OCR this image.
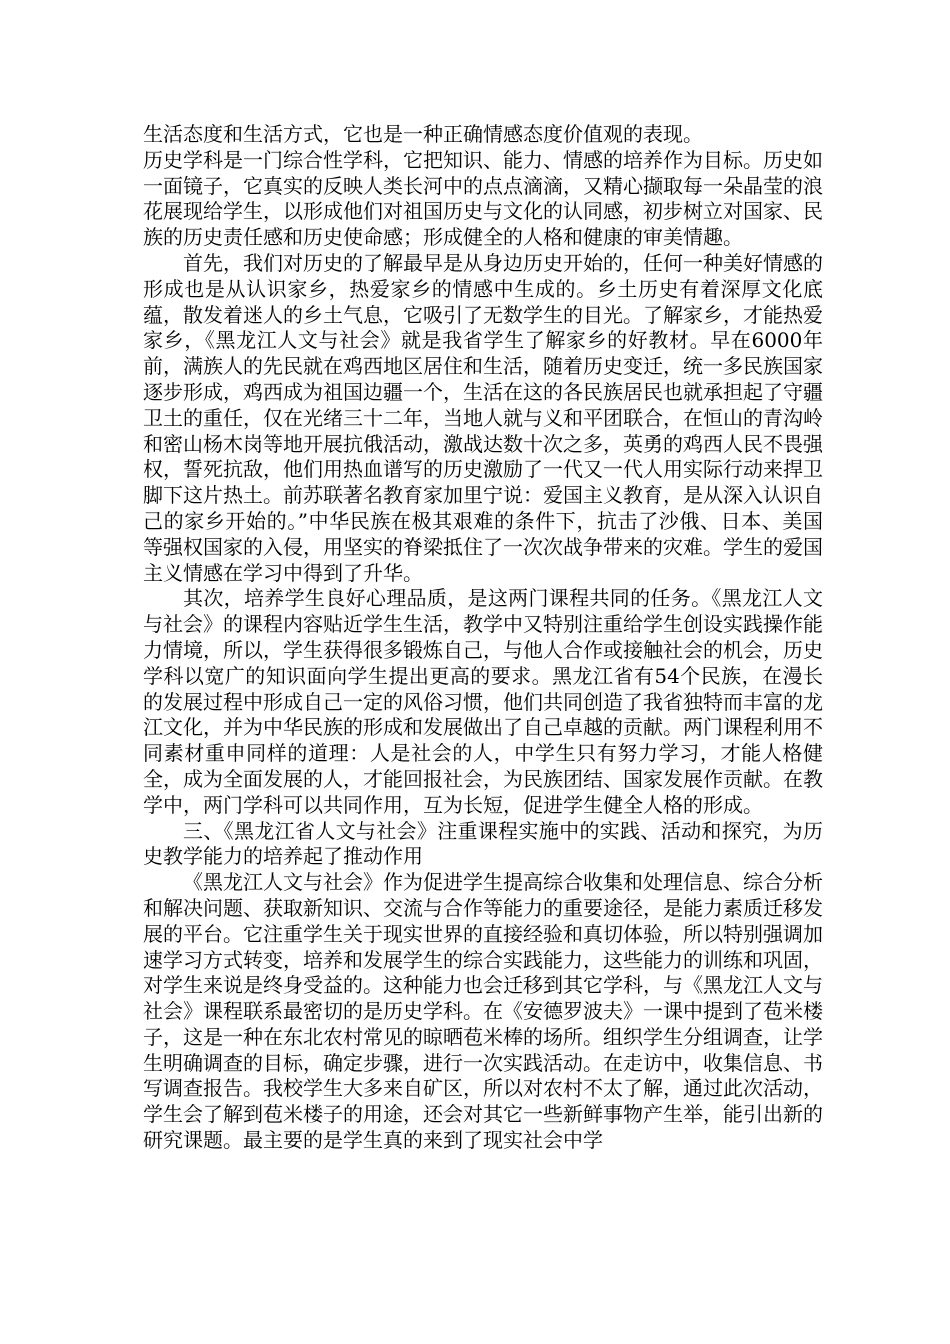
生活态度和生活方式，它也是一种正确情感态度价值观的表现。

历史学科是一门综合性学科，它把知识、能力、情感的培养作为目标。历史如一面镜子，它真实的反映人类长河中的点点滴滴，又精心撷取每一朵晶莹的浪花展现给学生，以形成他们对祖国历史与文化的认同感，初步树立对国家、民族的历史责任感和历史使命感；形成健全的人格和健康的审美情趣。

首先，我们对历史的了解最早是从身边历史开始的，任何一种美好情感的形成也是从认识家乡，热爱家乡的情感中生成的。乡土历史有着深厚文化底蕴，散发着迷人的乡土气息，它吸引了无数学生的目光。了解家乡，才能热爱家乡，《黑龙江人文与社会》就是我省学生了解家乡的好教材。早在6000年前，满族人的先民就在鸡西地区居住和生活，随着历史变迁，统一多民族国家逐步形成，鸡西成为祖国边疆一个，生活在这的各民族居民也就承担起了守疆卫土的重任，仅在光绪三十二年，当地人就与义和平团联合，在恒山的青沟岭和密山杨木岗等地开展抗俄活动，激战达数十次之多，英勇的鸡西人民不畏强权，誓死抗敌，他们用热血谱写的历史激励了一代又一代人用实际行动来捍卫脚下这片热土。前苏联著名教育家加里宁说：爱国主义教育，是从深入认识自己的家乡开始的。”中华民族在极其艰难的条件下，抗击了沙俄、日本、美国等强权国家的入侵，用坚实的脊梁抵住了一次次战争带来的灾难。学生的爱国主义情感在学习中得到了升华。

其次，培养学生良好心理品质，是这两门课程共同的任务。《黑龙江人文与社会》的课程内容贴近学生生活，教学中又特别注重给学生创设实践操作能力情境，所以，学生获得很多锻炼自己，与他人合作或接触社会的机会，历史学科以宽广的知识面向学生提出更高的要求。黑龙江省有54个民族，在漫长的发展过程中形成自己一定的风俗习惯，他们共同创造了我省独特而丰富的龙江文化，并为中华民族的形成和发展做出了自己卓越的贡献。两门课程利用不同素材重申同样的道理：人是社会的人，中学生只有努力学习，才能人格健全，成为全面发展的人，才能回报社会，为民族团结、国家发展作贡献。在教学中，两门学科可以共同作用，互为长短，促进学生健全人格的形成。

三、《黑龙江省人文与社会》注重课程实施中的实践、活动和探究，为历史教学能力的培养起了推动作用

《黑龙江人文与社会》作为促进学生提高综合收集和处理信息、综合分析和解决问题、获取新知识、交流与合作等能力的重要途径，是能力素质迁移发展的平台。它注重学生关于现实世界的直接经验和真切体验，所以特别强调加速学习方式转变，培养和发展学生的综合实践能力，这些能力的训练和巩固，对学生来说是终身受益的。这种能力也会迁移到其它学科，与《黑龙江人文与社会》课程联系最密切的是历史学科。在《安德罗波夫》一课中提到了苞米楼子，这是一种在东北农村常见的晾晒苞米棒的场所。组织学生分组调查，让学生明确调查的目标，确定步骤，进行一次实践活动。在走访中，收集信息、书写调查报告。我校学生大多来自矿区，所以对农村不太了解，通过此次活动，学生会了解到苞米楼子的用途，还会对其它一些新鲜事物产生举，能引出新的研究课题。最主要的是学生真的来到了现实社会中学
